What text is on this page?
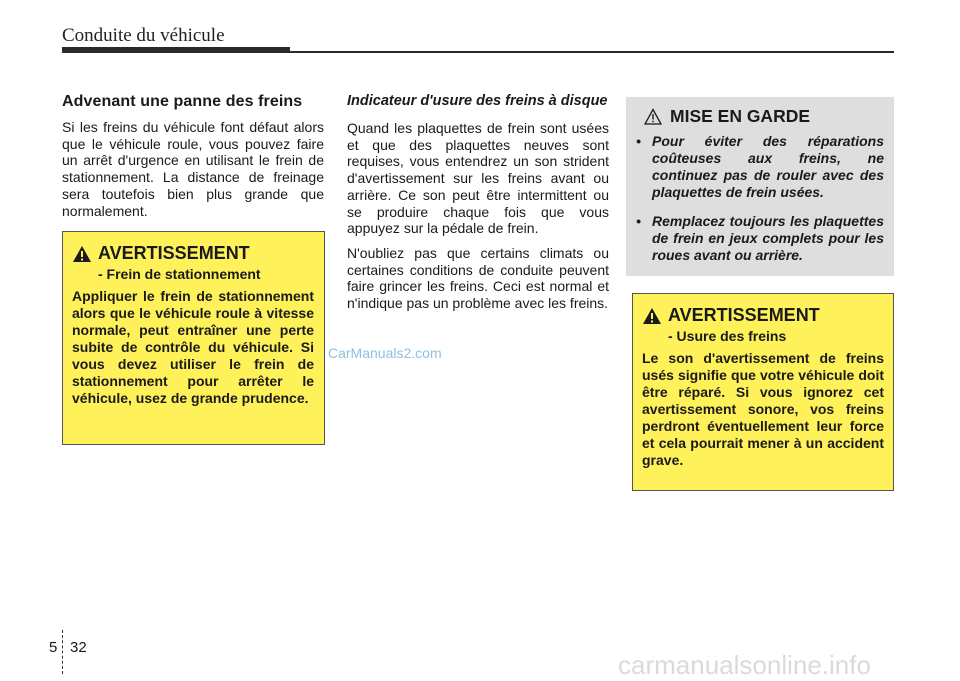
Conduite du véhicule
Advenant une panne des freins

Si les freins du véhicule font défaut alors que le véhicule roule, vous pouvez faire un arrêt d'urgence en utilisant le frein de stationnement. La distance de freinage sera toutefois bien plus grande que normalement.

AVERTISSEMENT
- Frein de stationnement

Appliquer le frein de stationnement alors que le véhicule roule à vitesse normale, peut entraîner une perte subite de contrôle du véhicule. Si vous devez utiliser le frein de stationnement pour arrêter le véhicule, usez de grande prudence.

Indicateur d'usure des freins à disque

Quand les plaquettes de frein sont usées et que des plaquettes neuves sont requises, vous entendrez un son strident d'avertissement sur les freins avant ou arrière. Ce son peut être intermittent ou se produire chaque fois que vous appuyez sur la pédale de frein.

N'oubliez pas que certains climats ou certaines conditions de conduite peuvent faire grincer les freins. Ceci est normal et n'indique pas un problème avec les freins.

CarManuals2.com
MISE EN GARDE
• Pour éviter des réparations coûteuses aux freins, ne continuez pas de rouler avec des plaquettes de frein usées.
• Remplacez toujours les plaquettes de frein en jeux complets pour les roues avant ou arrière.
AVERTISSEMENT
- Usure des freins

Le son d'avertissement de freins usés signifie que votre véhicule doit être réparé. Si vous ignorez cet avertissement sonore, vos freins perdront éventuellement leur force et cela pourrait mener à un accident grave.

5 32
carmanualsonline.info
